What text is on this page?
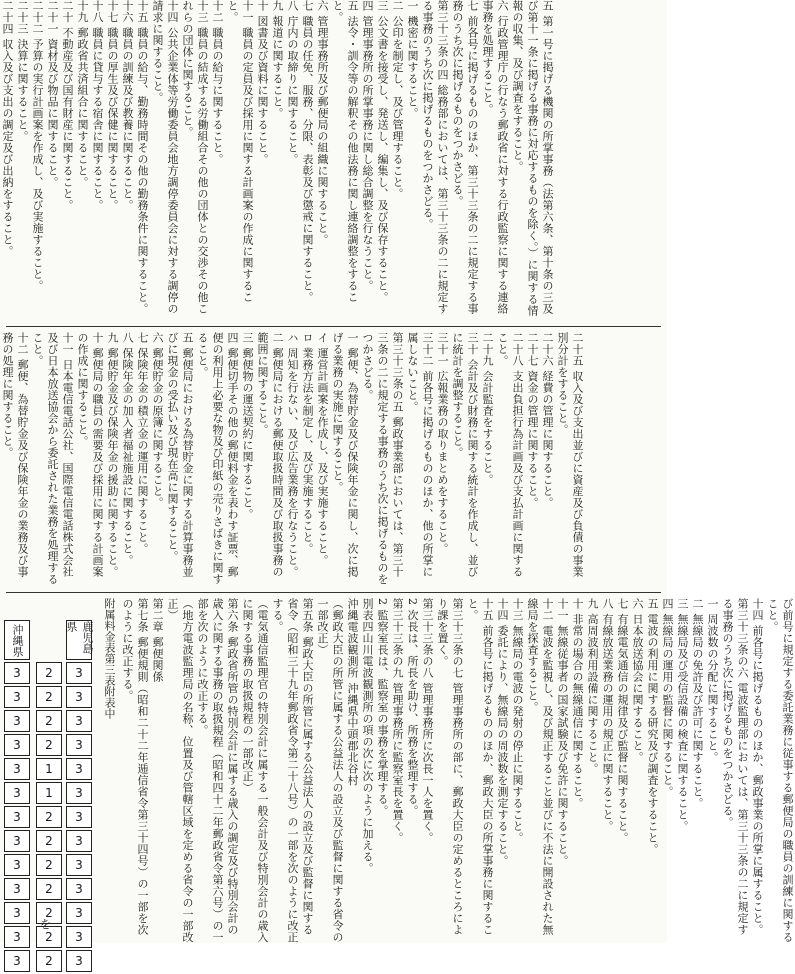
五 第一号に掲げる機関の所掌事務（法第六条、第十条の三及び第十一条に掲げる事務に対応するものを除く。）に関する情報の収集、及び調査をすること。
六 行政管理庁の行なう郵政省に対する行政監察に関する連絡事務を処理すること。
七 前各号に掲げるもののほか、第三十三条の二に規定する事務のうち次に掲げるものをつかさどる。
第三十三条の四 総務部においては、第三十三条の二に規定する事務のうち次に掲げるものをつかさどる。
一 機密に関すること。
二 公印を制定し、及び管理すること。
三 公文書を接受し、発送し、編集し、及び保存すること。
四 管理事務所の所掌事務に関し総合調整を行なうこと。
五 法令・訓令等の解釈その他法務に関し連絡調整をすること。
六 管理事務所及び郵便局の組織に関すること。
七 職員の任免、服務、分限、表彰及び懲戒に関すること。
八 庁内の取締りに関すること。
九 報道に関すること。
十 図書及び資料に関すること。
十一 職員の定員及び採用に関する計画案の作成に関すること。
十二 職員の給与に関すること。
十三 職員の結成する労働組合その他の団体との交渉その他これらの団体に関すること。
十四 公共企業体等労働委員会地方調停委員会に対する調停の請求に関すること。
十五 職員の給与、勤務時間その他の勤務条件に関すること。
十六 職員の訓練及び教養に関すること。
十七 職員の厚生及び保健に関すること。
十八 職員に貸与する宿舎に関すること。
十九 郵政省共済組合に関すること。
二十 不動産及び国有財産に関すること。
二十一 資材及び物品に関すること。
二十二 予算の実行計画案を作成し、及び実施すること。
二十三 決算に関すること。
二十四 収入及び支出の調定及び出納をすること。
二十五 収入及び支出並びに資産及び負債の事業別分計をすること。
二十六 経費の管理に関すること。
二十七 資金の管理に関すること。
二十八 支出負担行為計画及び支払計画に関すること。
二十九 会計監査をすること。
三十 会計及び財務に関する統計を作成し、並びに統計を調整すること。
三十一 広報業務の取りまとめをすること。
三十二 前各号に掲げるもののほか、他の所掌に属しないこと。
第三十三条の五 郵政事業部においては、第三十三条の二に規定する事務のうち次に掲げるものをつかさどる。
一 郵便、為替貯金及び保険年金に関し、次に掲げる業務の実施に関すること。
イ 運営計画案を作成し、及び実施すること。
ロ 業務方法を制定し、及び実施すること。
ハ 周知を行ない、及び広告業務を行なうこと。
二 郵便局における郵便取扱時間及び取扱事務の範囲に関すること。
三 郵便物の運送契約に関すること。
四 郵便切手その他の郵便料金を表わす証票、郵便の利用上必要な物及び印紙の売りさばきに関すること。
五 郵便局における為替貯金に関する計算事務並びに現金の受払い及び現在高に関すること。
六 郵便貯金の原簿に関すること。
七 保険年金の積立金の運用に関すること。
八 保険年金の加入者福祉施設に関すること。
九 郵便貯金及び保険年金の援助に関すること。
十 郵便局の職員の需要及び採用に関する計画案の作成に関すること。
十一 日本電信電話公社、国際電信電話株式会社及び日本放送協会から委託された業務を処理すること。
十二 郵便、為替貯金及び保険年金の業務及び事務の処理に関すること。
び前号に規定する委託業務に従事する郵便局の職員の訓練に関すること。
十四 前各号に掲げるもののほか、郵政事業の所掌に属すること。
第三十三条の六 電波監理部においては、第三十三条の二に規定する事務のうち次に掲げるものをつかさどる。
一 周波数の分配に関すること。
二 無線局の免許及び許可に関すること。
三 無線局及び受信設備の検査に関すること。
四 無線局の運用の監督に関すること。
五 電波の利用に関する研究及び調査をすること。
六 日本放送協会に関すること。
七 有線電気通信の規律及び監督に関すること。
八 有線放送業務の運用の規正に関すること。
九 高周波利用設備に関すること。
十 非常の場合の無線通信に関すること。
十一 無線従事者の国家試験及び免許に関すること。
十二 電波を監視し、及び規正すること並びに不法に開設された無線局を探査すること。
十三 無線局の電波の発射の停止に関すること。
十四 委託により、無線局の周波数を測定すること。
十五 前各号に掲げるもののほか、郵政大臣の所掌事務に関すること。
第三十三条の七 管理事務所の部に、郵政大臣の定めるところにより課を置く。
第三十三条の八 管理事務所に次長一人を置く。
2 次長は、所長を助け、所務を整理する。
第三十三条の九 管理事務所に監察室長を置く。
2 監察室長は、監察室の事務を掌理する。
別表四山川電波観測所の項の次に次のように加える。
沖縄電波観測所 沖縄県中頭郡北谷村
（郵政大臣の所管に属する公益法人の設立及び監督に関する省令の一部改正）
第五条 郵政大臣の所管に属する公益法人の設立及び監督に関する省令（昭和三十九年郵政省令第二十八号）の一部を次のように改正する。
（電気通信監理官の特別会計に属する一般会計及び特別会計の歳入に関する事務の取扱規程の一部改正）
第六条 郵政省所管の特別会計に属する歳入の調定及び特別会計の歳入に関する事務の取扱規程（昭和四十二年郵政省令第六号）の一部を次のように改正する。
（地方電波監理局の名称、位置及び管轄区域を定める省令の一部改正）
第二章 郵便関係
第七条 郵便規則（昭和二十二年逓信省令第三十四号）の一部を次のように改正する。
附属料金表第三表附表中
鹿児島県
3
3
3
3
3
3
3
3
3
3
3
3
3
2
2
2
2
1
1
2
2
2
2
2
2
2
沖縄県
3
3
3
3
3
3
3
3
3
3
3
3
3
を
